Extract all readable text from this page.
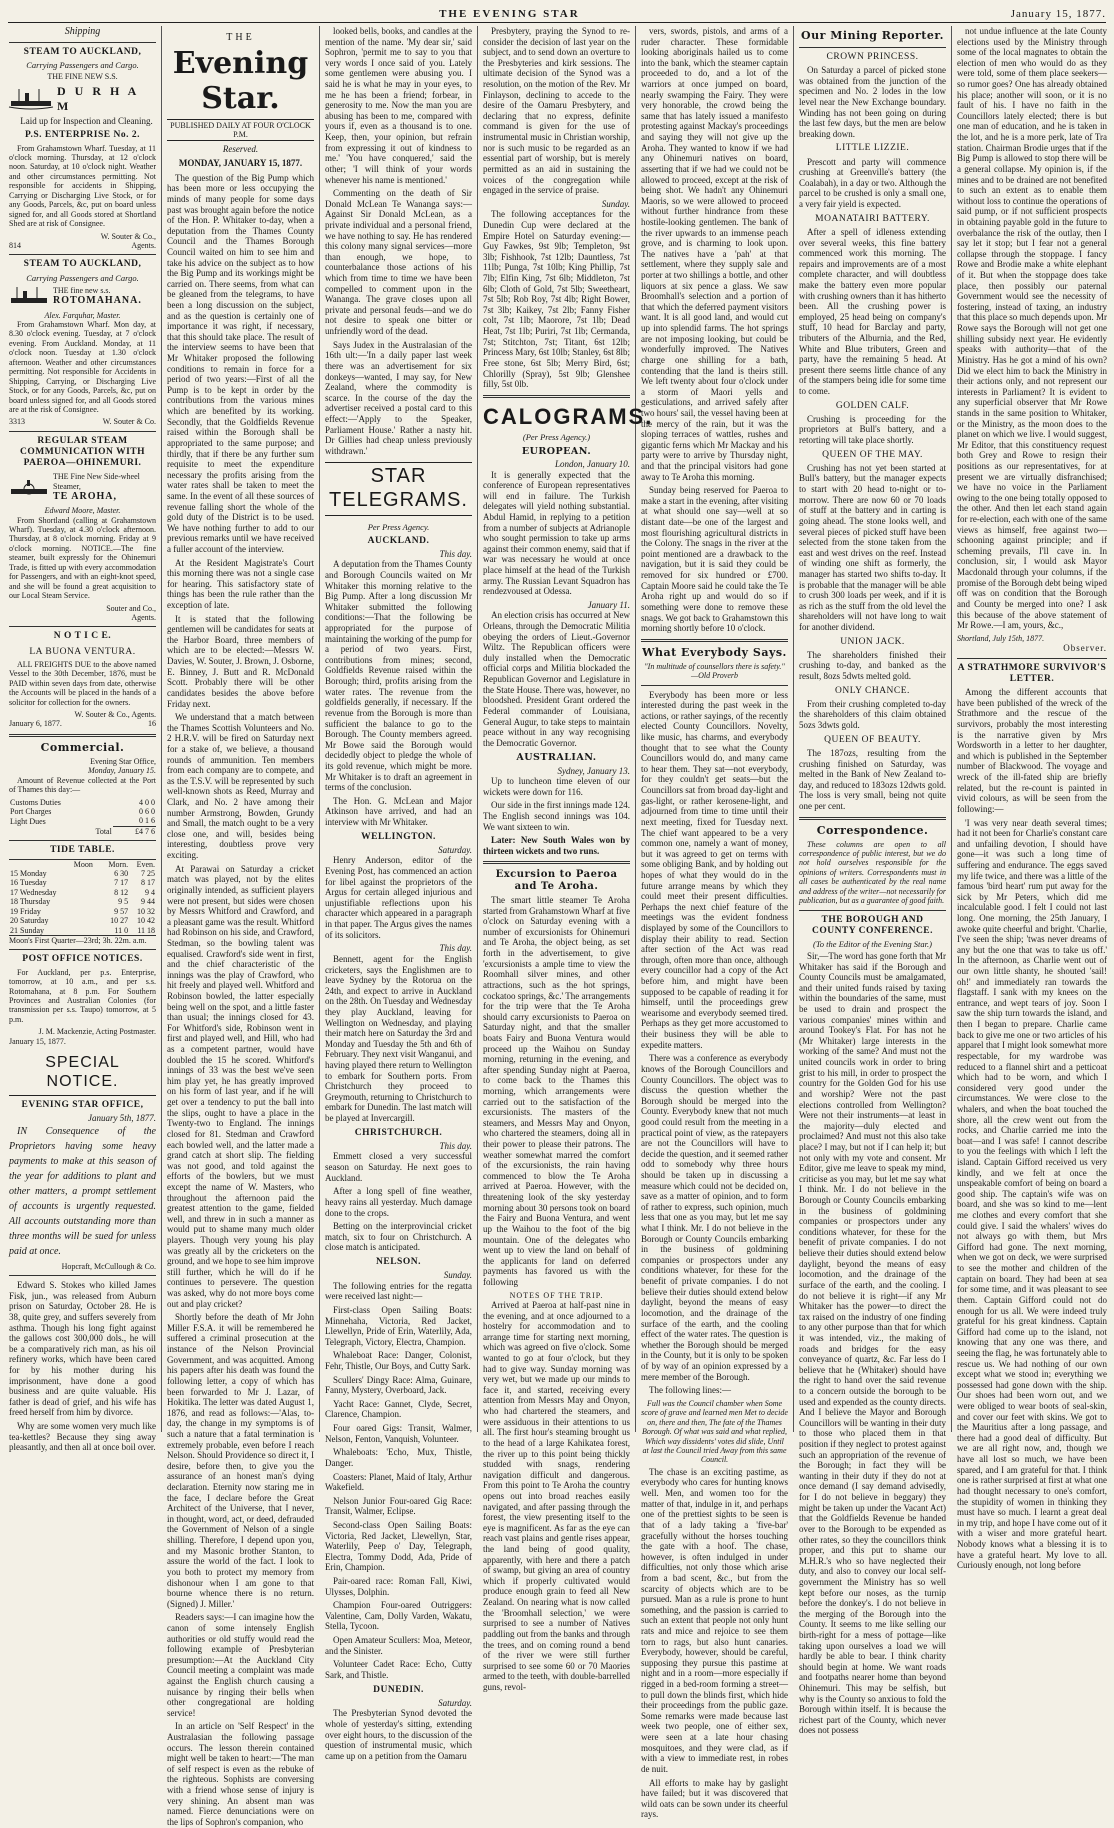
THE EVENING STAR	January 15, 1877.
Shipping
STEAM TO AUCKLAND,
Carrying Passengers and Cargo.
THE FINE NEW S.S.
D U R H A M

Laid up for Inspection and Cleaning.

P.S. ENTERPRISE No. 2.

From Grahamstown Wharf. Tuesday, at 11 o'clock morning. Thursday, at 12 o'clock noon. Saturday, at 10 o'clock night. Weather and other circumstances permitting. Not responsible for accidents in Shipping, Carrying or Discharging Live Stock, or for any Goods, Parcels, &c, put on board unless signed for, and all Goods stored at Shortland Shed are at risk of Consignee.

W. Souter & Co.,
814	Agents.
STEAM TO AUCKLAND,
Carrying Passengers and Cargo.
THE fine new s.s.
ROTOMAHANA.
Alex. Farquhar, Master.

From Grahamstown Wharf. Mon day, at 8.30 o'clock evening. Tuesday, at 7 o'clock evening. From Auckland. Monday, at 11 o'clock noon. Tuesday at 1.30 o'clock afternoon. Weather and other circumstances permitting. Not responsible for Accidents in Shipping, Carrying, or Discharging Live Stock, or for any Goods, Parcels, &c, put on board unless signed for, and all Goods stored are at the risk of Consignee.

3313	W. Souter & Co.
REGULAR STEAM COMMUNICATION WITH PAEROA—OHINEMURI.
THE Fine New Side-wheel Steamer,
TE AROHA,
Edward Moore, Master.

From Shortland (calling at Grahamstown Wharf). Tuesday, at 4.30 o'clock afternoon. Thursday, at 8 o'clock morning. Friday at 9 o'clock morning. NOTICE.—The fine steamer, built expressly for the Ohinemuri Trade, is fitted up with every accommodation for Passengers, and with an eight-knot speed, and she will be found a great acquisition to our Local Steam Service.

Souter and Co.,
Agents.
N O T I C E.
LA BUONA VENTURA.

ALL FREIGHTS DUE to the above named Vessel to the 30th December, 1876, must be PAID within seven days from date, otherwise the Accounts will be placed in the hands of a solicitor for collection for the owners.

W. Souter & Co., Agents.
January 6, 1877.	16
Commercial.
Evening Star Office,
Monday, January 15.

Amount of Revenue collected at the Port of Thames this day:—

Customs Duties	4 0 0
Port Charges	0 6 0
Light Dues	0 1 6
Total	£4 7 6
TIDE TABLE.
	Moon	Morn.	Even.
15 Monday		6 30	7 25
16 Tuesday		7 17	8 17
17 Wednesday		8 12	9 4
18 Thursday		9 5	9 44
19 Friday		9 57	10 32
20 Saturday		10 27	10 42
21 Sunday		11 0	11 18
Moon's First Quarter—23rd; 3h. 22m. a.m.
POST OFFICE NOTICES.

For Auckland, per p.s. Enterprise, tomorrow, at 10 a.m., and per s.s. Rotomahana, at 8 p.m. For Southern Provinces and Australian Colonies (for transmission per s.s. Taupo) tomorrow, at 5 p.m.

J. M. Mackenzie, Acting Postmaster.
January 15, 1877.
SPECIAL NOTICE.
EVENING STAR OFFICE,
January 5th, 1877.

IN Consequence of the Proprietors having some heavy payments to make at this season of the year for additions to plant and other matters, a prompt settlement of accounts is urgently requested. All accounts outstanding more than three months will be sued for unless paid at once.

Hopcraft, McCullough & Co.

Edward S. Stokes who killed James Fisk, jun., was released from Auburn prison on Saturday, October 28. He is 38, quite grey, and suffers severely from asthma. Though his long fight against the gallows cost 300,000 dols., he will be a comparatively rich man, as his oil refinery works, which have been cared for by his mother during his imprisonment, have done a good business and are quite valuable. His father is dead of grief, and his wife has freed herself from him by divorce.

Why are some women very much like tea-kettles? Because they sing away pleasantly, and then all at once boil over.

THE
Evening Star.
PUBLISHED DAILY AT FOUR O'CLOCK P.M.
Reserved.
MONDAY, JANUARY 15, 1877.

The question of the Big Pump which has been more or less occupying the minds of many people for some days past was brought again before the notice of the Hon. P. Whitaker to-day, when a deputation from the Thames County Council and the Thames Borough Council waited on him to see him and take his advice on the subject as to how the Big Pump and its workings might be carried on. There seems, from what can be gleaned from the telegrams, to have been a long discussion on the subject, and as the question is certainly one of importance it was right, if necessary, that this should take place. The result of the interview seems to have been that Mr Whitaker proposed the following conditions to remain in force for a period of two years:—First of all the Pump is to be kept in order by the contributions from the various mines which are benefited by its working. Secondly, that the Goldfields Revenue raised within the Borough shall be appropriated to the same purpose; and thirdly, that if there be any further sum requisite to meet the expenditure necessary the profits arising from the water rates shall be taken to meet the same. In the event of all these sources of revenue falling short the whole of the gold duty of the District is to be used. We have nothing further to add to our previous remarks until we have received a fuller account of the interview.

At the Resident Magistrate's Court this morning there was not a single case for hearing. This satisfactory state of things has been the rule rather than the exception of late.

It is stated that the following gentlemen will be candidates for seats at the Harbor Board, three members of which are to be elected:—Messrs W. Davies, W. Souter, J. Brown, J. Osborne, E. Binney, J. Butt and R. McDonald Scott. Probably there will be other candidates besides the above before Friday next.

We understand that a match between the Thames Scottish Volunteers and No. 2 H.R.V. will be fired on Saturday next for a stake of, we believe, a thousand rounds of ammunition. Ten members from each company are to compete, and as the T.S.V. will be represented by such well-known shots as Reed, Murray and Clark, and No. 2 have among their number Armstrong, Bowden, Grundy and Small, the match ought to be a very close one, and will, besides being interesting, doubtless prove very exciting.

At Parawai on Saturday a cricket match was played, not by the elites originally intended, as sufficient players were not present, but sides were chosen by Messrs Whitford and Crawford, and a pleasant game was the result. Whitford had Robinson on his side, and Crawford, Stedman, so the bowling talent was equalised. Crawford's side went in first, and the chief characteristic of the innings was the play of Crawford, who hit freely and played well. Whitford and Robinson bowled, the latter especially being well on the spot, and a little faster than usual; the innings closed for 43. For Whitford's side, Robinson went in first and played well, and Hill, who had as a competent partner, would have doubled the 15 he scored. Whitford's innings of 33 was the best we've seen him play yet, he has greatly improved on his form of last year, and if he will get over a tendency to put the ball into the slips, ought to have a place in the Twenty-two to England. The innings closed for 81. Stedman and Crawford each bowled well, and the latter made a grand catch at short slip. The fielding was not good, and told against the efforts of the bowlers, but we must except the name of W. Masters, who throughout the afternoon paid the greatest attention to the game, fielded well, and threw in in such a manner as would put to shame many much older players. Though very young his play was greatly all by the cricketers on the ground, and we hope to see him improve still further, which he will do if he continues to persevere. The question was asked, why do not more boys come out and play cricket?

Shortly before the death of Mr John Miller F.S.A. it will be remembered he suffered a criminal prosecution at the instance of the Nelson Provincial Government, and was acquitted. Among his papers after his death was found the following letter, a copy of which has been forwarded to Mr J. Lazar, of Hokitika. The letter was dated August 1, 1876, and read as follows:—'Alas, to-day, the change in my symptoms is of such a nature that a fatal termination is extremely probable, even before I reach Nelson. Should Providence so direct it, I desire, before then, to give you the assurance of an honest man's dying declaration. Eternity now staring me in the face, I declare before the Great Architect of the Universe, that I never, in thought, word, act, or deed, defrauded the Government of Nelson of a single shilling. Therefore, I depend upon you, and my Masonic brother Stanton, to assure the world of the fact. I look to you both to protect my memory from dishonour when I am gone to that bourne whence there is no return. (Signed) J. Miller.'

Readers says:—I can imagine how the canon of some intensely English authorities or old stuffy would read the following example of Presbyterian presumption:—At the Auckland City Council meeting a complaint was made against the English church causing a nuisance by ringing their bells when other congregational are holding service!

In an article on 'Self Respect' in the Australasian the following passage occurs. The lesson therein contained might well be taken to heart:—'The man of self respect is even as the rebuke of the righteous. Sophists are conversing with a friend whose sense of injury is very shining. An absent man was named. Fierce denunciations were on the lips of Sophron's companion, who

looked bells, books, and candles at the mention of the name. 'My dear sir,' said Sophron, 'permit me to say to you that very words I once said of you. Lately some gentlemen were abusing you. I said he is what he may in your eyes, to me he has been a friend; forbear, in generosity to me. Now the man you are abusing has been to me, compared with yours if, even as a thousand is to one. Keep, then, your opinion, but refrain from expressing it out of kindness to me.' 'You have conquered,' said the other; 'I will think of your words whenever his name is mentioned.'

Commenting on the death of Sir Donald McLean Te Wananga says:—Against Sir Donald McLean, as a private individual and a personal friend, we have nothing to say. He has rendered this colony many signal services—more than enough, we hope, to counterbalance those actions of his which from time to time we have been compelled to comment upon in the Wananga. The grave closes upon all private and personal feuds—and we do not desire to speak one bitter or unfriendly word of the dead.

Says Judex in the Australasian of the 16th ult:—'In a daily paper last week there was an advertisement for six donkeys—wanted, I may say, for New Zealand, where the commodity is scarce. In the course of the day the advertiser received a postal card to this effect:—'Apply to the Speaker, Parliament House.' Rather a nasty hit. Dr Gillies had cheap unless previously withdrawn.'

STAR TELEGRAMS.
Per Press Agency.
AUCKLAND.
This day.

A deputation from the Thames County and Borough Councils waited on Mr Whitaker this morning relative to the Big Pump. After a long discussion Mr Whitaker submitted the following conditions:—That the following be appropriated for the purpose of maintaining the working of the pump for a period of two years. First, contributions from mines; second, Goldfields Revenue raised within the Borough; third, profits arising from the water rates. The revenue from the goldfields generally, if necessary. If the revenue from the Borough is more than sufficient the balance to go to the Borough. The County members agreed. Mr Bowe said the Borough would decidedly object to pledge the whole of its gold revenue, which might be more. Mr Whitaker is to draft an agreement in terms of the conclusion.

The Hon. G. McLean and Major Atkinson have arrived, and had an interview with Mr Whitaker.

WELLINGTON.
Saturday.

Henry Anderson, editor of the Evening Post, has commenced an action for libel against the proprietors of the Argus for certain alleged injurious and unjustifiable reflections upon his character which appeared in a paragraph in that paper. The Argus gives the names of its solicitors.

This day.

Bennett, agent for the English cricketers, says the Englishmen are to leave Sydney by the Rotorua on the 24th, and expect to arrive in Auckland on the 28th. On Tuesday and Wednesday they play Auckland, leaving for Wellington on Wednesday, and playing their match here on Saturday the 3rd and Monday and Tuesday the 5th and 6th of February. They next visit Wanganui, and having played there return to Wellington to embark for Southern ports. From Christchurch they proceed to Greymouth, returning to Christchurch to embark for Dunedin. The last match will be played at Invercargill.

CHRISTCHURCH.
This day.

Emmett closed a very successful season on Saturday. He next goes to Auckland.

After a long spell of fine weather, heavy rains all yesterday. Much damage done to the crops.

Betting on the interprovincial cricket match, six to four on Christchurch. A close match is anticipated.

NELSON.
Sunday.

The following entries for the regatta were received last night:—

First-class Open Sailing Boats: Minnehaha, Victoria, Red Jacket, Llewellyn, Pride of Erin, Waterlily, Ada, Telegraph, Victory, Electra, Champion.

Whaleboat Race: Danger, Colonist, Fehr, Thistle, Our Boys, and Cutty Sark.

Scullers' Dingy Race: Alma, Guinare, Fanny, Mystery, Overboard, Jack.

Yacht Race: Gannet, Clyde, Secret, Clarence, Champion.

Four oared Gigs: Transit, Walmer, Nelson, Fenton, Vanquish, Volunteer.

Whaleboats: 'Echo, Mux, Thistle, Danger.

Coasters: Planet, Maid of Italy, Arthur Wakefield.

Nelson Junior Four-oared Gig Race: Transit, Walmer, Eclipse.

Second-class Open Sailing Boats: Victoria, Red Jacket, Llewellyn, Star, Waterlily, Peep o' Day, Telegraph, Electra, Tommy Dodd, Ada, Pride of Erin, Champion.

Pair-oared race: Roman Fall, Kiwi, Ulysses, Dolphin.

Champion Four-oared Outriggers: Valentine, Cam, Dolly Varden, Wakatu, Stella, Tycoon.

Open Amateur Scullers: Moa, Meteor, and the Sinister.

Volunteer Cadet Race: Echo, Cutty Sark, and Thistle.

DUNEDIN.
Saturday.

The Presbyterian Synod devoted the whole of yesterday's sitting, extending over eight hours, to the discussion of the question of instrumental music, which came up on a petition from the Oamaru

Presbytery, praying the Synod to re-consider the decision of last year on the subject, and to send down an overture to the Presbyteries and kirk sessions. The ultimate decision of the Synod was a resolution, on the motion of the Rev. Mr Finlayson, declining to accede to the desire of the Oamaru Presbytery, and declaring that no express, definite command is given for the use of instrumental music in Christian worship, nor is such music to be regarded as an essential part of worship, but is merely permitted as an aid in sustaining the voices of the congregation while engaged in the service of praise.

Sunday.

The following acceptances for the Dunedin Cup were declared at the Empire Hotel on Saturday evening:—Guy Fawkes, 9st 9lb; Templeton, 9st 3lb; Fishhook, 7st 12lb; Dauntless, 7st 11lb; Punga, 7st 10lb; King Phillip, 7st 7lb; Elfin King, 7st 6lb; Middleton, 7st 6lb; Cloth of Gold, 7st 5lb; Sweetheart, 7st 5lb; Rob Roy, 7st 4lb; Right Bower, 7st 3lb; Kaikey, 7st 2lb; Fanny Fisher colt, 7st 1lb; Maorore, 7st 1lb; Dead Heat, 7st 1lb; Puriri, 7st 1lb; Cermanda, 7st; Stitchton, 7st; Titant, 6st 12lb; Princess Mary, 6st 10lb; Stanley, 6st 8lb; Free stone, 6st 5lb; Merry Bird, 6st; Chlorilly (Spray), 5st 9lb; Glenshee filly, 5st 0lb.

CALOGRAMS.
(Per Press Agency.)
EUROPEAN.
London, January 10.

It is generally expected that the conference of European representatives will end in failure. The Turkish delegates will yield nothing substantial. Abdul Hamid, in replying to a petition from a number of subjects at Adrianople who sought permission to take up arms against their common enemy, said that if war was necessary he would at once place himself at the head of the Turkish army. The Russian Levant Squadron has rendezvoused at Odessa.

January 11.

An election crisis has occurred at New Orleans, through the Democratic Militia obeying the orders of Lieut.-Governor Wiltz. The Republican officers were duly installed when the Democratic official corps and Militia blockaded the Republican Governor and Legislature in the State House. There was, however, no bloodshed. President Grant ordered the Federal commander of Louisiana, General Augur, to take steps to maintain peace without in any way recognising the Democratic Governor.

AUSTRALIAN.
Sydney, January 13.

Up to luncheon time eleven of our wickets were down for 116.

Our side in the first innings made 124. The English second innings was 104. We want sixteen to win.

Later: New South Wales won by thirteen wickets and two runs.

Excursion to Paeroa and Te Aroha.

The smart little steamer Te Aroha started from Grahamstown Wharf at five o'clock on Saturday evening with a number of excursionists for Ohinemuri and Te Aroha, the object being, as set forth in the advertisement, to give 'excursionists a ample time to view the Roomhall silver mines, and other attractions, such as the hot springs, cockatoo springs, &c.' The arrangements for the trip were that the Te Aroha should carry excursionists to Paeroa on Saturday night, and that the smaller boats Fairy and Buona Ventura would proceed up the Waihou on Sunday morning, returning in the evening, and after spending Sunday night at Paeroa, to come back to the Thames this morning, which arrangements were carried out to the satisfaction of the excursionists. The masters of the steamers, and Messrs May and Onyon, who chartered the steamers, doing all in their power to please their patrons. The weather somewhat marred the comfort of the excursionists, the rain having commenced to blow the Te Aroha arrived at Paeroa. However, with the threatening look of the sky yesterday morning about 30 persons took on board the Fairy and Buona Ventura, and went up the Waihou to the foot of the big mountain. One of the delegates who went up to view the land on behalf of the applicants for land on deferred payments has favored us with the following

NOTES OF THE TRIP.

Arrived at Paeroa at half-past nine in the evening, and at once adjourned to a hostelry for accommodation and to arrange time for starting next morning, which was agreed on five o'clock. Some wanted to go at four o'clock, but they had to give way. Sunday morning was very wet, but we made up our minds to face it, and started, receiving every attention from Messrs May and Onyon, who had chartered the steamers, and were assiduous in their attentions to us all. The first hour's steaming brought us to the head of a large Kahikatea forest, the river up to this point being thickly studded with snags, rendering navigation difficult and dangerous. From this point to Te Aroha the country opens out into broad reaches easily navigated, and after passing through the forest, the view presenting itself to the eye is magnificent. As far as the eye can reach vast plains and gentle rises appear, the land being of good quality, apparently, with here and there a patch of swamp, but giving an area of country which if properly cultivated would produce enough grain to feed all New Zealand. On nearing what is now called the 'Broomhall selection,' we were surprised to see a number of Natives paddling out from the banks and through the trees, and on coming round a bend of the river we were still further surprised to see some 60 or 70 Maories armed to the teeth, with double-barrelled guns, revol-

vers, swords, pistols, and arms of a ruder character. These formidable looking aboriginals hailed us to come into the bank, which the steamer captain proceeded to do, and a lot of the warriors at once jumped on board, nearly swamping the Fairy. They were very honorable, the crowd being the same that has lately issued a manifesto protesting against Mackay's proceedings and saying they will not give up the Aroha. They wanted to know if we had any Ohinemuri natives on board, asserting that if we had we could not be allowed to proceed, except at the risk of being shot. We hadn't any Ohinemuri Maoris, so we were allowed to proceed without further hindrance from these hostile-looking gentlemen. The bank of the river upwards to an immense peach grove, and is charming to look upon. The natives have a 'pah' at that settlement, where they supply sale and porter at two shillings a bottle, and other liquors at six pence a glass. We saw Broomhall's selection and a portion of that which the deferred payment visitors want. It is all good land, and would cut up into splendid farms. The hot springs are not imposing looking, but could be wonderfully improved. The Natives charge one shilling for a bath, contending that the land is theirs still. We left twenty about four o'clock under a storm of Maori yells and gesticulations, and arrived safely after two hours' sail, the vessel having been at the mercy of the rain, but it was the sloping terraces of wattles, rushes and gigantic ferns which Mr Mackay and his party were to arrive by Thursday night, and that the principal visitors had gone away to Te Aroha this morning.

Sunday being reserved for Paeroa to make a start in the evening, after visiting at what should one say—well at so distant date—be one of the largest and most flourishing agricultural districts in the Colony. The snags in the river at the point mentioned are a drawback to the navigation, but it is said they could be removed for six hundred or £700. Captain Moore said he could take the Te Aroha right up and would do so if something were done to remove these snags. We got back to Grahamstown this morning shortly before 10 o'clock.

What Everybody Says.
"In multitude of counsellors there is safety." —Old Proverb

Everybody has been more or less interested during the past week in the actions, or rather sayings, of the recently elected County Councillors. Novelty, like music, has charms, and everybody thought that to see what the County Councillors would do, and many came to hear them. They sat—not everybody, for they couldn't get seats—but the Councillors sat from broad day-light and gas-light, or rather kerosene-light, and adjourned from time to time until their next meeting, fixed for Tuesday next. The chief want appeared to be a very common one, namely a want of money, but it was agreed to get on terms with some obliging Bank, and by holding out hopes of what they would do in the future arrange means by which they could meet their present difficulties. Perhaps the next chief feature of the meetings was the evident fondness displayed by some of the Councillors to display their ability to read. Section after section of the Act was read through, often more than once, although every councillor had a copy of the Act before him, and might have been supposed to be capable of reading it for himself, until the proceedings grew wearisome and everybody seemed tired. Perhaps as they get more accustomed to their business they will be able to expedite matters.

There was a conference as everybody knows of the Borough Councillors and County Councillors. The object was to discuss the question whether the Borough should be merged into the County. Everybody knew that not much good could result from the meeting in a practical point of view, as the ratepayers are not the Councillors will have to decide the question, and it seemed rather odd to somebody why three hours should be taken up in discussing a measure which could not be decided on, save as a matter of opinion, and to form of rather to express, such opinion, much less that one as you may, but let me say what I think. Mr. I do not believe in the Borough or County Councils embarking in the business of goldmining companies or prospectors under any conditions whatever, for these for the benefit of private companies. I do not believe their duties should extend below daylight, beyond the means of easy locomotion, and the drainage of the surface of the earth, and the cooling effect of the water rates. The question is whether the Borough should be merged in the County, but it is only to be spoken of by way of an opinion expressed by a mere member of the Borough.

The following lines:—

Full was the Council chamber when Some score of grave and learned men Met to decide on, there and then, The fate of the Thames Borough. Of what was said and what replied, Which way dissidents' votes did slide, Until at last the Council tried Away from this same Council.

The chase is an exciting pastime, as everybody who cares for hunting knows well. Men, and women too for the matter of that, indulge in it, and perhaps one of the prettiest sights to be seen is that of a lady taking a 'five-bar' gracefully without the horses touching the gate with a hoof. The chase, however, is often indulged in under difficulties, not only those which arise from a bad scent, &c., but from the scarcity of objects which are to be pursued. Man as a rule is prone to hunt something, and the passion is carried to such an extent that people not only hunt rats and mice and rejoice to see them torn to rags, but also hunt canaries. Everybody, however, should be careful, supposing they pursue this pastime at night and in a room—more especially if rigged in a bed-room forming a street—to pull down the blinds first, which hide their proceedings from the public gaze. Some remarks were made because last week two people, one of either sex, were seen at a late hour chasing mosquitoes, and they were clad, as if with a view to immediate rest, in robes de nuit.

All efforts to make hay by gaslight have failed; but it was discovered that wild oats can be sown under its cheerful rays.

Our Mining Reporter.
CROWN PRINCESS.

On Saturday a parcel of picked stone was obtained from the junction of the specimen and No. 2 lodes in the low level near the New Exchange boundary. Winding has not been going on during the last few days, but the men are below breaking down.

LITTLE LIZZIE.

Prescott and party will commence crushing at Greenville's battery (the Coalabah), in a day or two. Although the parcel to be crushed is only a small one, a very fair yield is expected.

MOANATAIRI BATTERY.

After a spell of idleness extending over several weeks, this fine battery commenced work this morning. The repairs and improvements are of a most complete character, and will doubtless make the battery even more popular with crushing owners than it has hitherto been. All the crushing power is employed, 25 head being on company's stuff, 10 head for Barclay and party, tributers of the Alburnia, and the Red, White and Blue tributers, Green and party, have the remaining 5 head. At present there seems little chance of any of the stampers being idle for some time to come.

GOLDEN CALF.

Crushing is proceeding for the proprietors at Bull's battery, and a retorting will take place shortly.

QUEEN OF THE MAY.

Crushing has not yet been started at Bull's battery, but the manager expects to start with 20 head to-night or to-morrow. There are now 60 or 70 loads of stuff at the battery and in carting is going ahead. The stone looks well, and several pieces of picked stuff have been selected from the stone taken from the east and west drives on the reef. Instead of winding one shift as formerly, the manager has started two shifts to-day. It is probable that the manager will be able to crush 300 loads per week, and if it is as rich as the stuff from the old level the shareholders will not have long to wait for another dividend.

UNION JACK.

The shareholders finished their crushing to-day, and banked as the result, 8ozs 5dwts melted gold.

ONLY CHANCE.

From their crushing completed to-day the shareholders of this claim obtained 5ozs 3dwts gold.

QUEEN OF BEAUTY.

The 187ozs, resulting from the crushing finished on Saturday, was melted in the Bank of New Zealand to-day, and reduced to 183ozs 12dwts gold. The loss is very small, being not quite one per cent.

Correspondence.

These columns are open to all correspondence of public interest, but we do not hold ourselves responsible for the opinions of writers. Correspondents must in all cases be authenticated by the real name and address of the writer—not necessarily for publication, but as a guarantee of good faith.

THE BOROUGH AND COUNTY CONFERENCE.
(To the Editor of the Evening Star.)

Sir,—The word has gone forth that Mr Whitaker has said if the Borough and County Councils must be amalgamated, and their united funds raised by taxing within the boundaries of the same, must be used to drain and prospect the various companies' mines within and around Tookey's Flat. For has not he (Mr Whitaker) large interests in the working of the same? And must not the united councils work in order to bring grist to his mill, in order to prospect the country for the Golden God for his use and worship? Were not the past elections controlled from Wellington? Were not their instruments—at least in the majority—duly elected and proclaimed? And must not this also take place? I may, but not if I can help it; but not only with my vote and consent. Mr Editor, give me leave to speak my mind, criticise as you may, but let me say what I think. Mr. I do not believe in the Borough or County Councils embarking in the business of goldmining companies or prospectors under any conditions whatever, for these for the benefit of private companies. I do not believe their duties should extend below daylight, beyond the means of easy locomotion, and the drainage of the surface of the earth, and the cooling. I do not believe it is right—if any Mr Whitaker has the power—to direct the tax raised on the industry of one finding to any other purpose than that for which it was intended, viz., the making of roads and bridges for the easy conveyance of quartz, &c. Far less do I believe that he (Whitaker) should have the right to hand over the said revenue to a concern outside the borough to be used and expended as the county directs. And I believe the Mayor and Borough Councillors will be wanting in their duty to those who placed them in that position if they neglect to protest against such an appropriation of the revenue of the Borough; in fact they will be wanting in their duty if they do not at once demand (I say demand advisedly, for I do not believe in beggary) they might be taken up under the Vacant Act) that the Goldfields Revenue be handed over to the Borough to be expended as other rates, so they the councillors think proper, and this put to shame our M.H.R.'s who so have neglected their duty, and also to convey our local self-government the Ministry has so well kept before our noses, as the turnip before the donkey's. I do not believe in the merging of the Borough into the County. It seems to me like selling our birth-right for a mess of pottage—like taking upon ourselves a load we will hardly be able to bear. I think charity should begin at home. We want roads and footpaths nearer home than beyond Ohinemuri. This may be selfish, but why is the County so anxious to fold the Borough within itself. It is because the richest part of the County, which never does not possess

not undue influence at the late County elections used by the Ministry through some of the local magnates to obtain the election of men who would do as they were told, some of them place seekers—so rumor goes? One has already obtained his place; another will soon, or it is no fault of his. I have no faith in the Councillors lately elected; there is but one man of education, and he is taken in the lot, and he is a more perk, late of Tra station. Chairman Brodie urges that if the Big Pump is allowed to stop there will be a general collapse. My opinion is, if the mines and to be drained are not benefited to such an extent as to enable them without loss to continue the operations of said pump, or if not sufficient prospects in obtaining payable gold in the future to overbalance the risk of the outlay, then I say let it stop; but I fear not a general collapse through the stoppage. I fancy Rowe and Brodie make a white elephant of it. But when the stoppage does take place, then possibly our paternal Government would see the necessity of fostering, instead of taxing, an industry that this place so much depends upon. Mr Rowe says the Borough will not get one shilling subsidy next year. He evidently speaks with authority—that of the Ministry. Has he got a mind of his own? Did we elect him to back the Ministry in their actions only, and not represent our interests in Parliament? It is evident to any superficial observer that Mr Rowe stands in the same position to Whitaker, or the Ministry, as the moon does to the planet on which we live. I would suggest, Mr Editor, that this constituency request both Grey and Rowe to resign their positions as our representatives, for at present we are virtually disfranchised; we have no voice in the Parliament owing to the one being totally opposed to the other. And then let each stand again for re-election, each with one of the same views as himself, free against two—schooning against principle; and if scheming prevails, I'll cave in. In conclusion, sir, I would ask Mayor Macdonald through your columns, if the promise of the Borough debt being wiped off was on condition that the Borough and County be merged into one? I ask this because of the above statement of Mr Rowe.—I am, yours, &c.,

Shortland, July 15th, 1877.
Observer.
A STRATHMORE SURVIVOR'S LETTER.

Among the different accounts that have been published of the wreck of the Strathmore and the rescue of the survivors, probably the most interesting is the narrative given by Mrs Wordsworth in a letter to her daughter, and which is published in the September number of Blackwood. The voyage and wreck of the ill-fated ship are briefly related, but the re-count is painted in vivid colours, as will be seen from the following:—

'I was very near death several times; had it not been for Charlie's constant care and unfailing devotion, I should have gone—it was such a long time of suffering and endurance. The eggs saved my life twice, and there was a little of the famous 'bird heart' rum put away for the sick by Mr Peters, which did me incalculable good. I felt I could not last long. One morning, the 25th January, I awoke quite cheerful and bright. 'Charlie, I've seen the ship; 'twas never dreams of any but the one that was to take us off.' In the afternoon, as Charlie went out of our own little shanty, he shouted 'sail! oh!' and immediately ran towards the flagstaff. I sank with my knees on the entrance, and wept tears of joy. Soon I saw the ship turn towards the island, and then I began to prepare. Charlie came back to give me one or two articles of his apparel that I might look somewhat more respectable, for my wardrobe was reduced to a flannel shirt and a petticoat which had to be worn, and which I considered very good under the circumstances. We were close to the whalers, and when the boat touched the shore, all the crew went out from the rocks, and Charlie carried me into the boat—and I was safe! I cannot describe to you the feelings with which I left the island. Captain Gifford received us very kindly, and we felt at once the unspeakable comfort of being on board a good ship. The captain's wife was on board, and she was so kind to me—lent me clothes and every comfort that she could give. I said the whalers' wives do not always go with them, but Mrs Gifford had gone. The next morning, when we got on deck, we were surprised to see the mother and children of the captain on board. They had been at sea for some time, and it was pleasant to see them. Captain Gifford could not do enough for us all. We were indeed truly grateful for his great kindness. Captain Gifford had come up to the island, not knowing that any one was there, and seeing the flag, he was fortunately able to rescue us. We had nothing of our own except what we stood in; everything we possessed had gone down with the ship. Our shoes had been worn out, and we were obliged to wear boots of seal-skin, and cover our feet with skins. We got to the Mauritius after a long passage, and there had a good deal of difficulty. But we are all right now, and, though we have all lost so much, we have been spared, and I am grateful for that. I think one is rather surprised at first at what one had thought necessary to one's comfort, the stupidity of women in thinking they must have so much. I learnt a great deal in my trip, and hope I have come out of it with a wiser and more grateful heart. Nobody knows what a blessing it is to have a grateful heart. My love to all. Curiously enough, not long before
